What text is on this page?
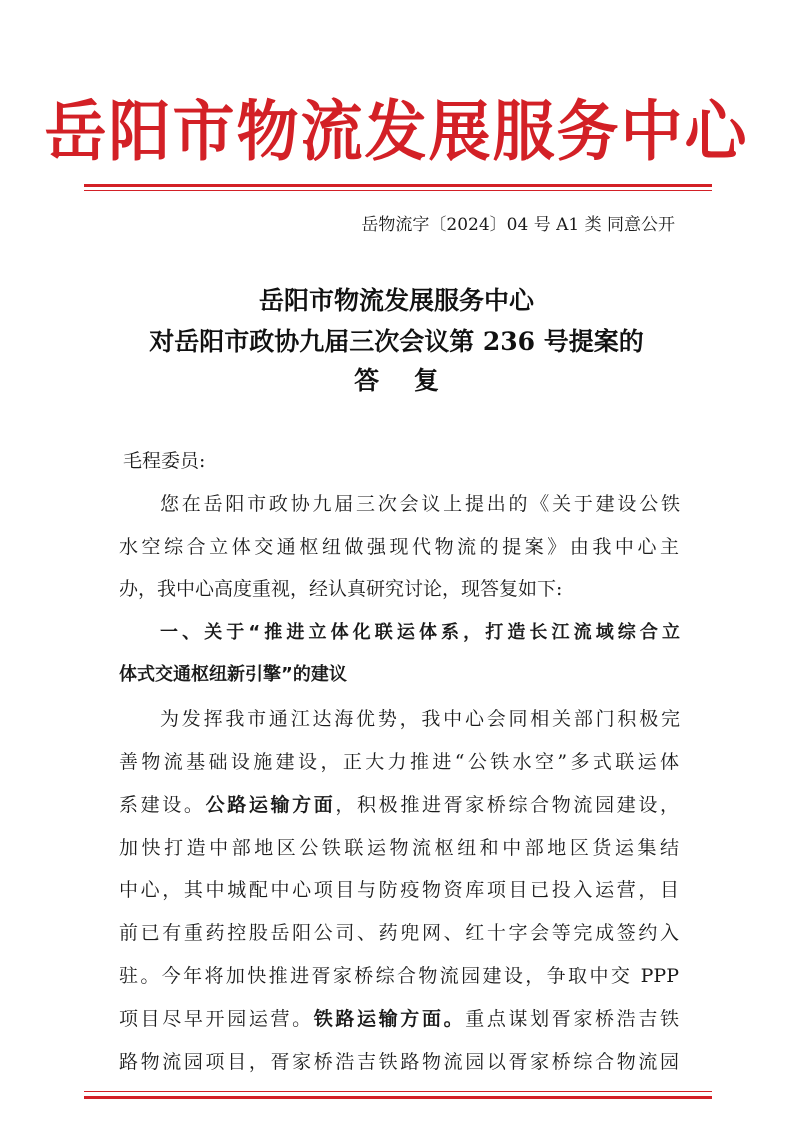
岳阳市物流发展服务中心
岳物流字〔2024〕04 号 A1 类 同意公开
岳阳市物流发展服务中心
对岳阳市政协九届三次会议第 236 号提案的
答    复
毛程委员:
您在岳阳市政协九届三次会议上提出的《关于建设公铁
水空综合立体交通枢纽做强现代物流的提案》由我中心主
办，我中心高度重视，经认真研究讨论，现答复如下:
一、关于“推进立体化联运体系，打造长江流域综合立
体式交通枢纽新引擎”的建议
为发挥我市通江达海优势，我中心会同相关部门积极完
善物流基础设施建设，正大力推进“公铁水空”多式联运体
系建设。公路运输方面，积极推进胥家桥综合物流园建设，
加快打造中部地区公铁联运物流枢纽和中部地区货运集结
中心，其中城配中心项目与防疫物资库项目已投入运营，目
前已有重药控股岳阳公司、药兜网、红十字会等完成签约入
驻。今年将加快推进胥家桥综合物流园建设，争取中交 PPP
项目尽早开园运营。铁路运输方面。重点谋划胥家桥浩吉铁
路物流园项目，胥家桥浩吉铁路物流园以胥家桥综合物流园
